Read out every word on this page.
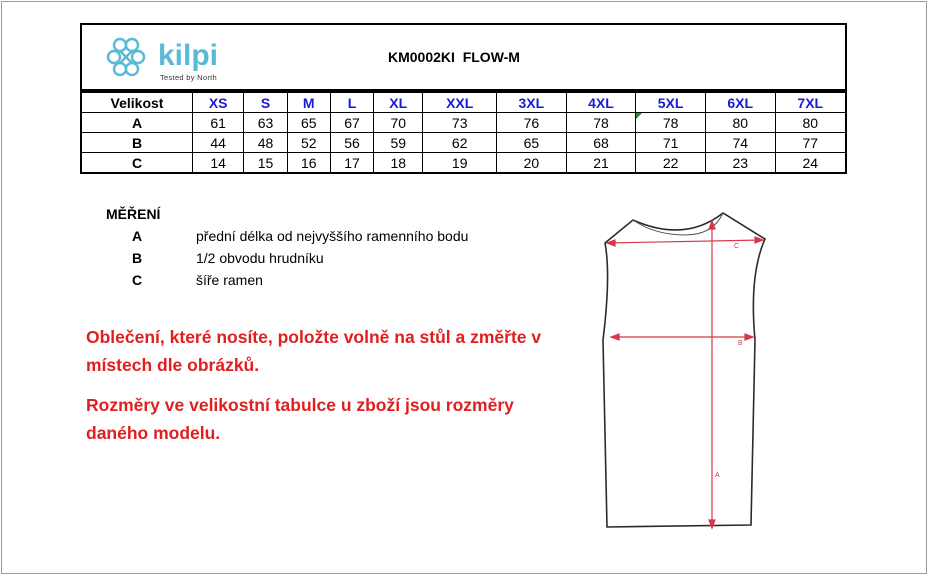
kilpi
Tested by North
KM0002KI  FLOW-M
Velikost	XS	S	M	L	XL	XXL	3XL	4XL	5XL	6XL	7XL
A	61	63	65	67	70	73	76	78	78	80	80
B	44	48	52	56	59	62	65	68	71	74	77
C	14	15	16	17	18	19	20	21	22	23	24
MĚŘENÍ
A	přední délka od nejvyššího ramenního bodu
B	1/2 obvodu hrudníku
C	šíře ramen
Oblečení, které nosíte, položte volně na stůl a změřte v místech dle obrázků.
Rozměry ve velikostní tabulce u zboží jsou rozměry daného modelu.
C
B
A
